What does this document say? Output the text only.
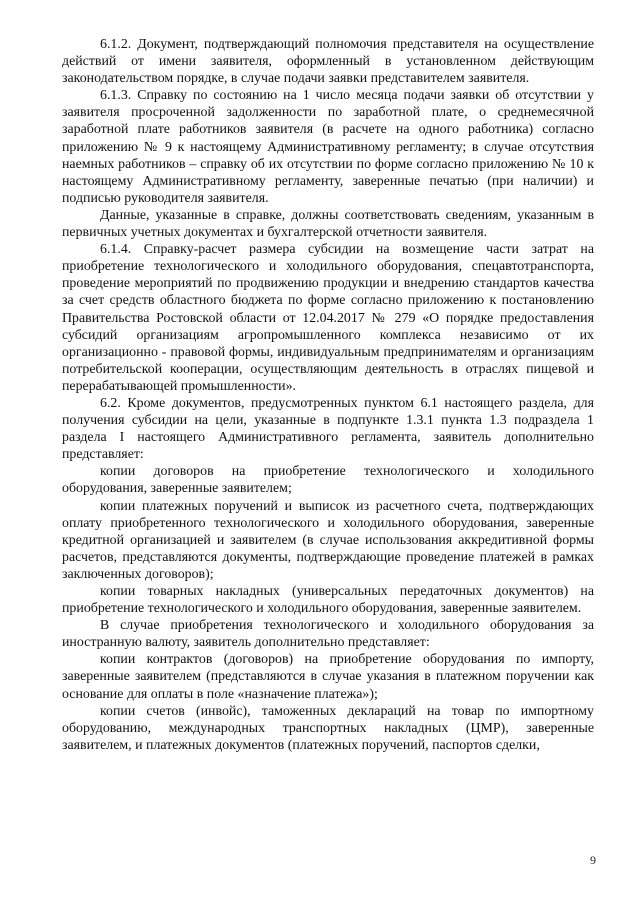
6.1.2. Документ, подтверждающий полномочия представителя на осуществление действий от имени заявителя, оформленный в установленном действующим законодательством порядке, в случае подачи заявки представителем заявителя.

6.1.3. Справку по состоянию на 1 число месяца подачи заявки об отсутствии у заявителя просроченной задолженности по заработной плате, о среднемесячной заработной плате работников заявителя (в расчете на одного работника) согласно приложению № 9 к настоящему Административному регламенту; в случае отсутствия наемных работников – справку об их отсутствии по форме согласно приложению № 10 к настоящему Административному регламенту, заверенные печатью (при наличии) и подписью руководителя заявителя.

Данные, указанные в справке, должны соответствовать сведениям, указанным в первичных учетных документах и бухгалтерской отчетности заявителя.

6.1.4. Справку-расчет размера субсидии на возмещение части затрат на приобретение технологического и холодильного оборудования, спецавтотранспорта, проведение мероприятий по продвижению продукции и внедрению стандартов качества за счет средств областного бюджета по форме согласно приложению к постановлению Правительства Ростовской области от 12.04.2017 № 279 «О порядке предоставления субсидий организациям агропромышленного комплекса независимо от их организационно - правовой формы, индивидуальным предпринимателям и организациям потребительской кооперации, осуществляющим деятельность в отраслях пищевой и перерабатывающей промышленности».

6.2. Кроме документов, предусмотренных пунктом 6.1 настоящего раздела, для получения субсидии на цели, указанные в подпункте 1.3.1 пункта 1.3 подраздела 1 раздела I настоящего Административного регламента, заявитель дополнительно представляет:

копии договоров на приобретение технологического и холодильного оборудования, заверенные заявителем;

копии платежных поручений и выписок из расчетного счета, подтверждающих оплату приобретенного технологического и холодильного оборудования, заверенные кредитной организацией и заявителем (в случае использования аккредитивной формы расчетов, представляются документы, подтверждающие проведение платежей в рамках заключенных договоров);

копии товарных накладных (универсальных передаточных документов) на приобретение технологического и холодильного оборудования, заверенные заявителем.

В случае приобретения технологического и холодильного оборудования за иностранную валюту, заявитель дополнительно представляет:

копии контрактов (договоров) на приобретение оборудования по импорту, заверенные заявителем (представляются в случае указания в платежном поручении как основание для оплаты в поле «назначение платежа»);

копии счетов (инвойс), таможенных деклараций на товар по импортному оборудованию, международных транспортных накладных (ЦМР), заверенные заявителем, и платежных документов (платежных поручений, паспортов сделки,

9
